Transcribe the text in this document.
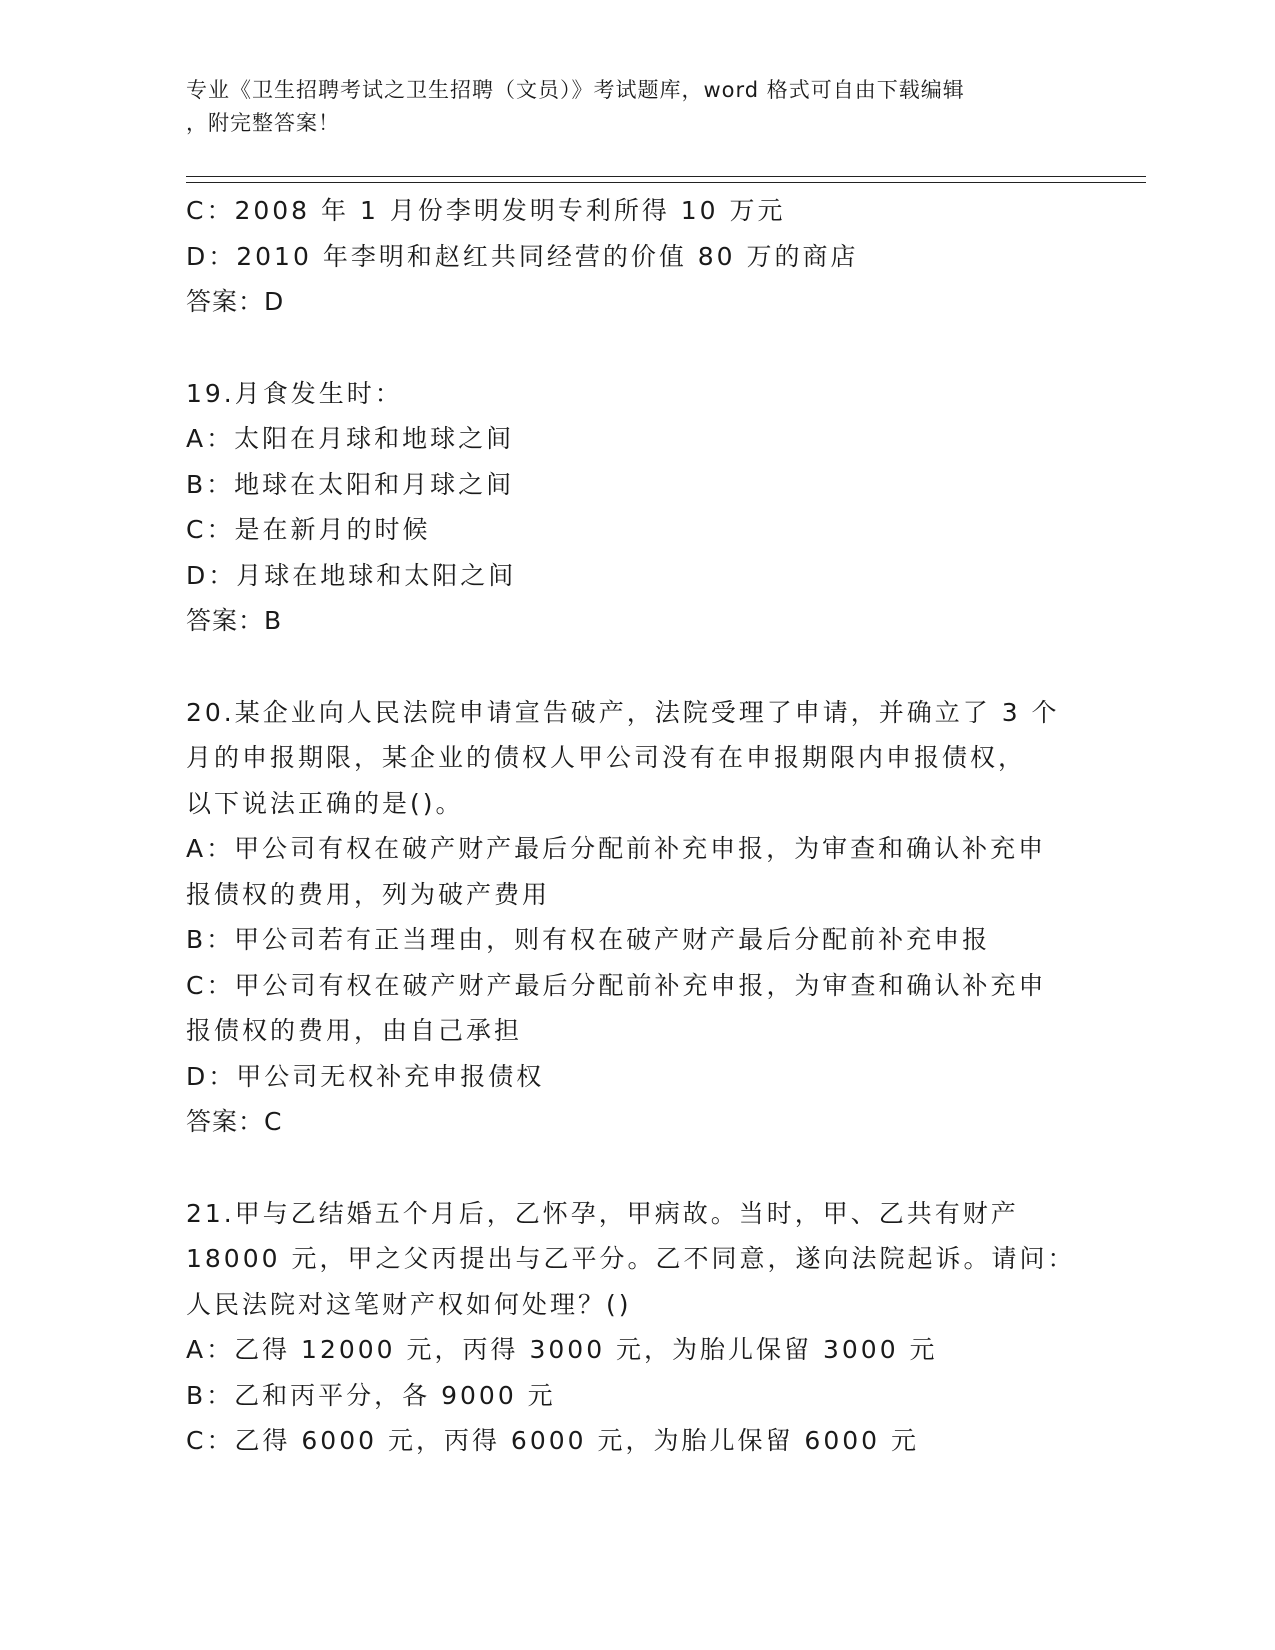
专业《卫生招聘考试之卫生招聘（文员）》考试题库，word 格式可自由下载编辑
，附完整答案！
C：2008 年 1 月份李明发明专利所得 10 万元
D：2010 年李明和赵红共同经营的价值 80 万的商店
答案：D
19.月食发生时：
A：太阳在月球和地球之间
B：地球在太阳和月球之间
C：是在新月的时候
D：月球在地球和太阳之间
答案：B
20.某企业向人民法院申请宣告破产，法院受理了申请，并确立了 3 个
月的申报期限，某企业的债权人甲公司没有在申报期限内申报债权，
以下说法正确的是()。
A：甲公司有权在破产财产最后分配前补充申报，为审查和确认补充申
报债权的费用，列为破产费用
B：甲公司若有正当理由，则有权在破产财产最后分配前补充申报
C：甲公司有权在破产财产最后分配前补充申报，为审查和确认补充申
报债权的费用，由自己承担
D：甲公司无权补充申报债权
答案：C
21.甲与乙结婚五个月后，乙怀孕，甲病故。当时，甲、乙共有财产
18000 元，甲之父丙提出与乙平分。乙不同意，遂向法院起诉。请问：
人民法院对这笔财产权如何处理？()
A：乙得 12000 元，丙得 3000 元，为胎儿保留 3000 元
B：乙和丙平分，各 9000 元
C：乙得 6000 元，丙得 6000 元，为胎儿保留 6000 元
